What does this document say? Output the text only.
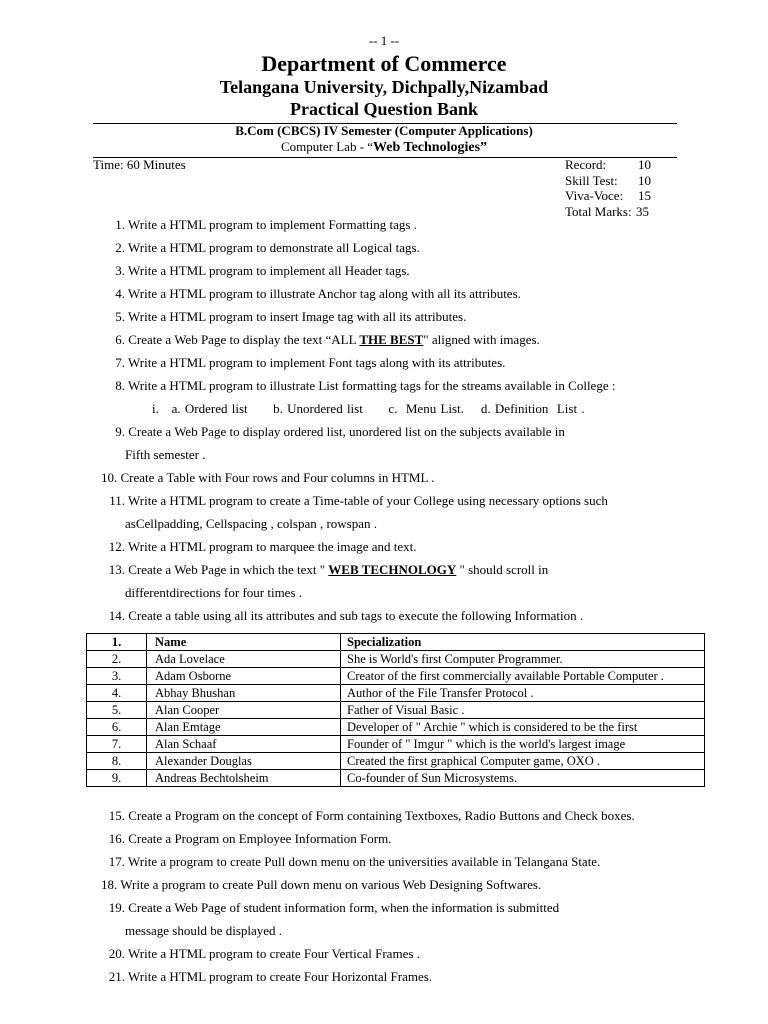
-- 1 --
Department of Commerce
Telangana University, Dichpally,Nizambad
Practical Question Bank
B.Com (CBCS) IV Semester (Computer Applications)
Computer Lab - “Web Technologies”
Time: 60 Minutes	Record: 10
Skill Test: 10
Viva-Voce: 15
Total Marks: 35
1. Write a HTML program to implement Formatting tags .
2. Write a HTML program to demonstrate all Logical tags.
3. Write a HTML program to implement all Header tags.
4. Write a HTML program to illustrate Anchor tag along with all its attributes.
5. Write a HTML program to insert Image tag with all its attributes.
6. Create a Web Page to display the text “ALL THE BEST" aligned with images.
7. Write a HTML program to implement Font tags along with its attributes.
8. Write a HTML program to illustrate List formatting tags for the streams available in College :
i.   a. Ordered list      b. Unordered list      c.  Menu List.    d. Definition  List .
9. Create a Web Page to display ordered list, unordered list on the subjects available in
Fifth semester .
10. Create a Table with Four rows and Four columns in HTML .
11. Write a HTML program to create a Time-table of your College using necessary options such
asCellpadding, Cellspacing , colspan , rowspan .
12. Write a HTML program to marquee the image and text.
13. Create a Web Page in which the text " WEB TECHNOLOGY " should scroll in
differentdirections for four times .
14. Create a table using all its attributes and sub tags to execute the following Information .
1.	Name	Specialization
2.	Ada Lovelace	She is World's first Computer Programmer.
3.	Adam Osborne	Creator of the first commercially available Portable Computer .
4.	Abhay Bhushan	Author of the File Transfer Protocol .
5.	Alan Cooper	Father of Visual Basic .
6.	Alan Emtage	Developer of " Archie " which is considered to be the first
7.	Alan Schaaf	Founder of " Imgur " which is the world's largest image
8.	Alexander Douglas	Created the first graphical Computer game, OXO .
9.	Andreas Bechtolsheim	Co-founder of Sun Microsystems.
15. Create a Program on the concept of Form containing Textboxes, Radio Buttons and Check boxes.
16. Create a Program on Employee Information Form.
17. Write a program to create Pull down menu on the universities available in Telangana State.
18. Write a program to create Pull down menu on various Web Designing Softwares.
19. Create a Web Page of student information form, when the information is submitted
message should be displayed .
20. Write a HTML program to create Four Vertical Frames .
21. Write a HTML program to create Four Horizontal Frames.
